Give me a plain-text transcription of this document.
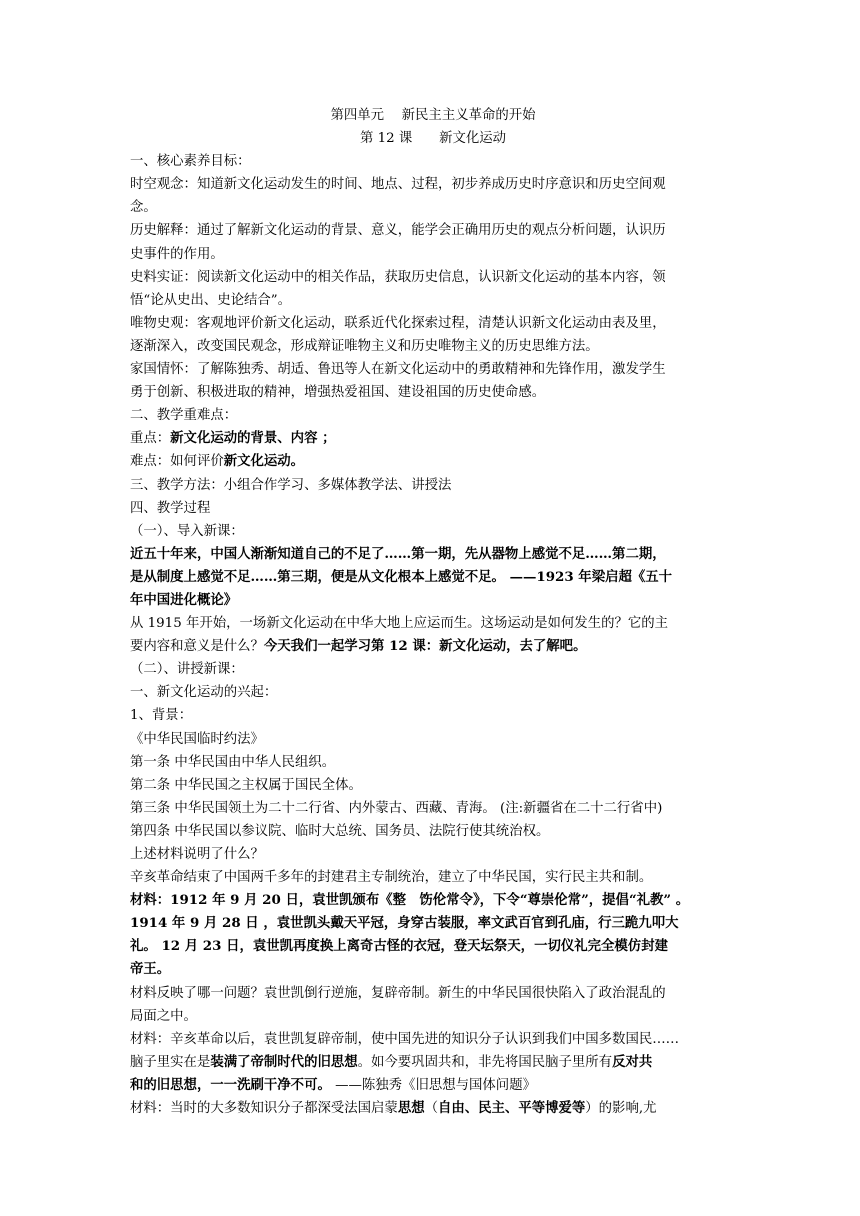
第四单元　 新民主主义革命的开始
第 12 课　　新文化运动
一、核心素养目标：
时空观念：知道新文化运动发生的时间、地点、过程，初步养成历史时序意识和历史空间观
念。
历史解释：通过了解新文化运动的背景、意义，能学会正确用历史的观点分析问题，认识历
史事件的作用。
史料实证：阅读新文化运动中的相关作品，获取历史信息，认识新文化运动的基本内容，领
悟“论从史出、史论结合”。
唯物史观：客观地评价新文化运动，联系近代化探索过程，清楚认识新文化运动由表及里，
逐渐深入，改变国民观念，形成辩证唯物主义和历史唯物主义的历史思维方法。
家国情怀：了解陈独秀、胡适、鲁迅等人在新文化运动中的勇敢精神和先锋作用，激发学生
勇于创新、积极进取的精神，增强热爱祖国、建设祖国的历史使命感。
二、教学重难点：
重点：新文化运动的背景、内容 ；
难点：如何评价新文化运动。
三、教学方法：小组合作学习、多媒体教学法、讲授法
四、教学过程
（一）、导入新课：
近五十年来，中国人渐渐知道自己的不足了……第一期，先从器物上感觉不足……第二期，
是从制度上感觉不足……第三期，便是从文化根本上感觉不足。 ——1923 年梁启超《五十
年中国进化概论》
从 1915 年开始，一场新文化运动在中华大地上应运而生。这场运动是如何发生的？它的主
要内容和意义是什么？今天我们一起学习第 12 课：新文化运动，去了解吧。
（二）、讲授新课：
一、新文化运动的兴起：
1、背景：
《中华民国临时约法》
第一条 中华民国由中华人民组织。
第二条 中华民国之主权属于国民全体。
第三条 中华民国领土为二十二行省、内外蒙古、西藏、青海。 (注:新疆省在二十二行省中)
第四条 中华民国以参议院、临时大总统、国务员、法院行使其统治权。
上述材料说明了什么？
辛亥革命结束了中国两千多年的封建君主专制统治，建立了中华民国，实行民主共和制。
材料：1912 年 9 月 20 日，袁世凯颁布《整　饬伦常令》，下令“尊崇伦常”，提倡“礼教” 。
1914 年 9 月 28 日 ，袁世凯头戴天平冠，身穿古装服，率文武百官到孔庙，行三跪九叩大
礼。 12 月 23 日，袁世凯再度换上离奇古怪的衣冠，登天坛祭天，一切仪礼完全模仿封建
帝王。
材料反映了哪一问题？袁世凯倒行逆施，复辟帝制。新生的中华民国很快陷入了政治混乱的
局面之中。
材料：辛亥革命以后，袁世凯复辟帝制，使中国先进的知识分子认识到我们中国多数国民……
脑子里实在是装满了帝制时代的旧思想。如今要巩固共和，非先将国民脑子里所有反对共
和的旧思想，一一洗刷干净不可。 ——陈独秀《旧思想与国体问题》
材料：当时的大多数知识分子都深受法国启蒙思想（自由、民主、平等博爱等）的影响,尤
